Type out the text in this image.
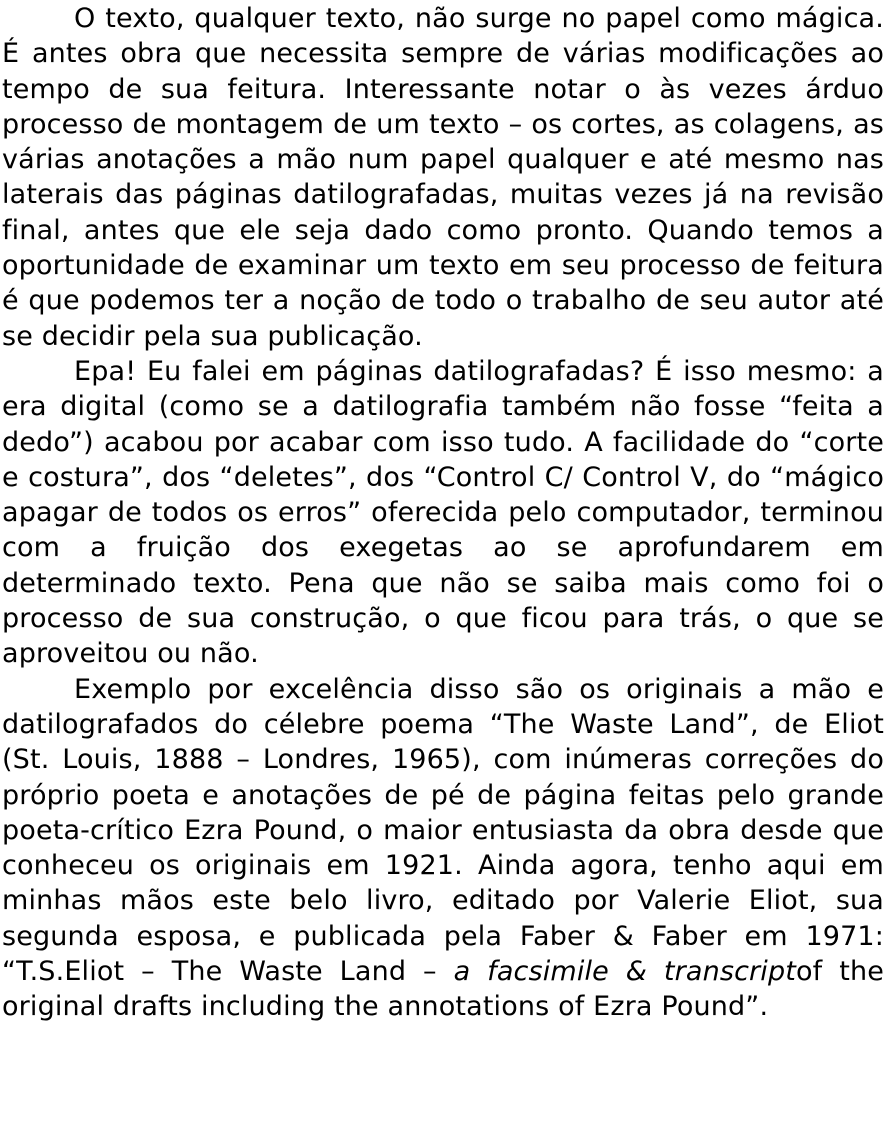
O texto, qualquer texto, não surge no papel como mágica. É antes obra que necessita sempre de várias modificações ao tempo de sua feitura. Interessante notar o às vezes árduo processo de montagem de um texto – os cortes, as colagens, as várias anotações a mão num papel qualquer e até mesmo nas laterais das páginas datilografadas, muitas vezes já na revisão final, antes que ele seja dado como pronto. Quando temos a oportunidade de examinar um texto em seu processo de feitura é que podemos ter a noção de todo o trabalho de seu autor até se decidir pela sua publicação.

Epa! Eu falei em páginas datilografadas? É isso mesmo: a era digital (como se a datilografia também não fosse “feita a dedo”) acabou por acabar com isso tudo. A facilidade do “corte e costura”, dos “deletes”, dos “Control C/ Control V, do “mágico apagar de todos os erros” oferecida pelo computador, terminou com a fruição dos exegetas ao se aprofundarem em determinado texto. Pena que não se saiba mais como foi o processo de sua construção, o que ficou para trás, o que se aproveitou ou não.

Exemplo por excelência disso são os originais a mão e datilografados do célebre poema “The Waste Land”, de Eliot (St. Louis, 1888 – Londres, 1965), com inúmeras correções do próprio poeta e anotações de pé de página feitas pelo grande poeta-crítico Ezra Pound, o maior entusiasta da obra desde que conheceu os originais em 1921. Ainda agora, tenho aqui em minhas mãos este belo livro, editado por Valerie Eliot, sua segunda esposa, e publicada pela Faber & Faber em 1971: “T.S.Eliot – The Waste Land – a facsimile & transcriptof the original drafts including the annotations of Ezra Pound”.
